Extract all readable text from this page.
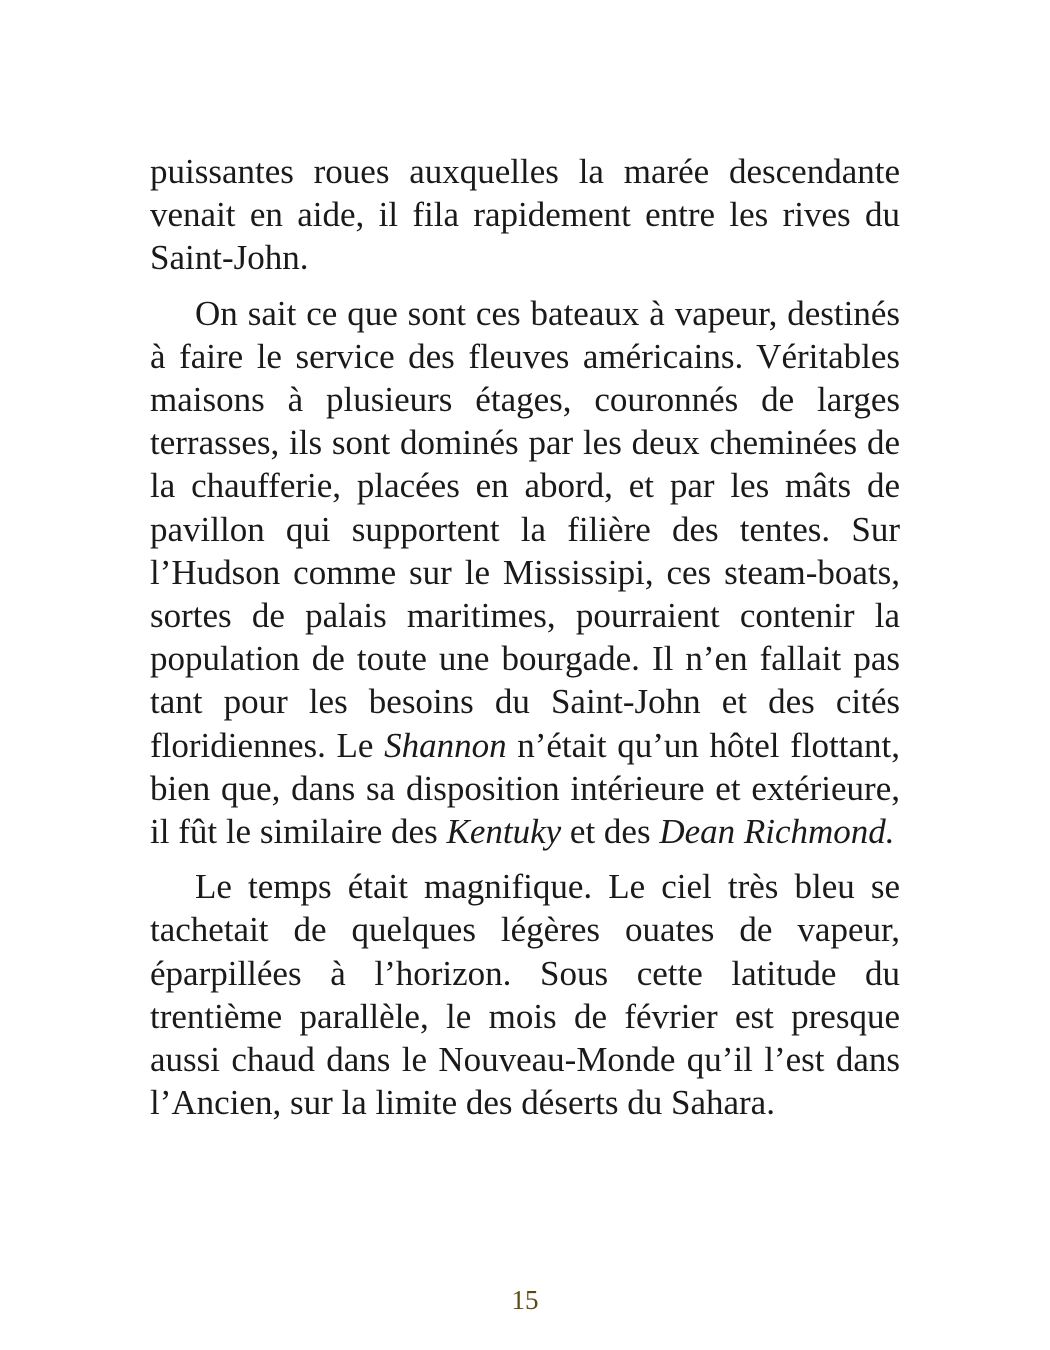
puissantes roues auxquelles la marée descendante venait en aide, il fila rapidement entre les rives du Saint-John.

On sait ce que sont ces bateaux à vapeur, destinés à faire le service des fleuves américains. Véritables maisons à plusieurs étages, couronnés de larges terrasses, ils sont dominés par les deux cheminées de la chaufferie, placées en abord, et par les mâts de pavillon qui supportent la filière des tentes. Sur l’Hudson comme sur le Mississipi, ces steam-boats, sortes de palais maritimes, pourraient contenir la population de toute une bourgade. Il n’en fallait pas tant pour les besoins du Saint-John et des cités floridiennes. Le Shannon n’était qu’un hôtel flottant, bien que, dans sa disposition intérieure et extérieure, il fût le similaire des Kentuky et des Dean Richmond.

Le temps était magnifique. Le ciel très bleu se tachetait de quelques légères ouates de vapeur, éparpillées à l’horizon. Sous cette latitude du trentième parallèle, le mois de février est presque aussi chaud dans le Nouveau-Monde qu’il l’est dans l’Ancien, sur la limite des déserts du Sahara.

15
